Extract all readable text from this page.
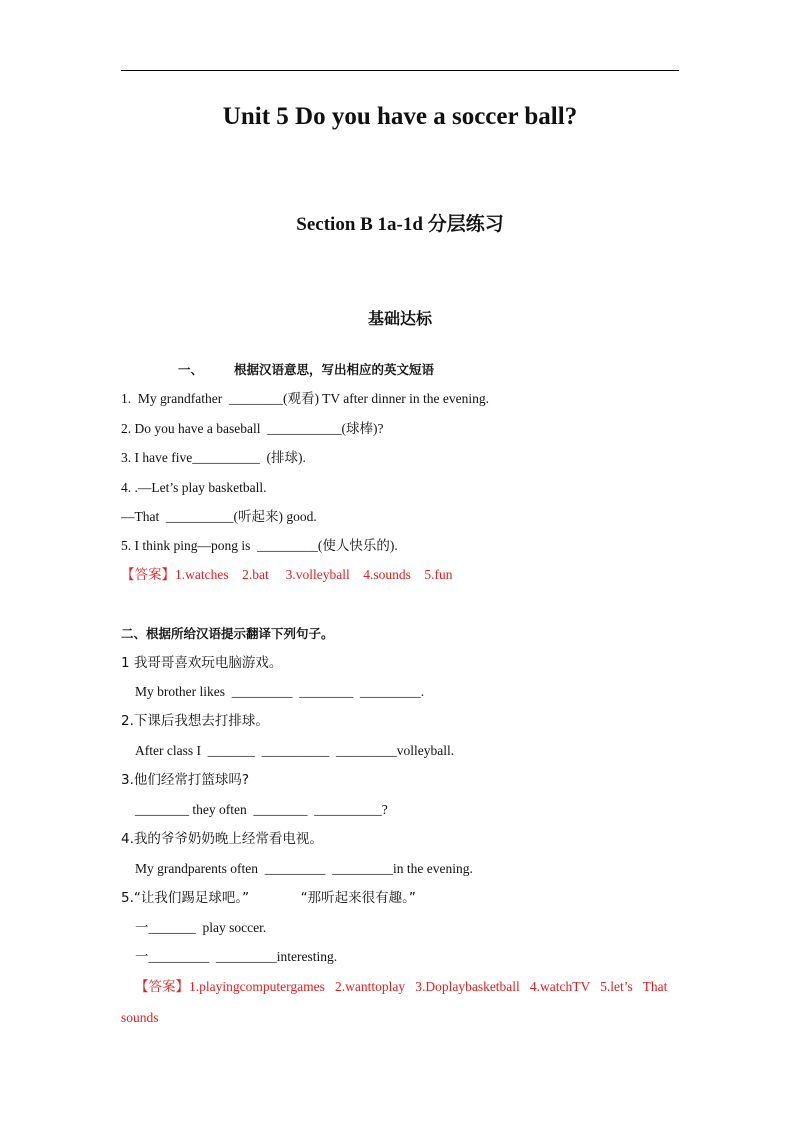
Unit 5 Do you have a soccer ball?
Section B 1a-1d 分层练习
基础达标
一、 根据汉语意思，写出相应的英文短语
1.  My grandfather  ________(观看) TV after dinner in the evening.
2. Do you have a baseball  ___________(球棒)?
3. I have five__________  (排球).
4. .—Let’s play basketball.
—That  __________(听起来) good.
5. I think ping—pong is  _________(使人快乐的).
【答案】1.watches    2.bat     3.volleyball    4.sounds    5.fun
二、根据所给汉语提示翻译下列句子。
1 我哥哥喜欢玩电脑游戏。
My brother likes  _________  ________  _________.
2.下课后我想去打排球。
After class I  _______  __________  _________volleyball.
3.他们经常打篮球吗?
________ they often  ________  __________?
4.我的爷爷奶奶晚上经常看电视。
My grandparents often  _________  _________in the evening.
5.“让我们踢足球吧。”            “那听起来很有趣。”
一_______  play soccer.
一_________  _________interesting.
【答案】1.playingcomputergames   2.wanttoplay   3.Doplaybasketball   4.watchTV   5.let’s   That
sounds
